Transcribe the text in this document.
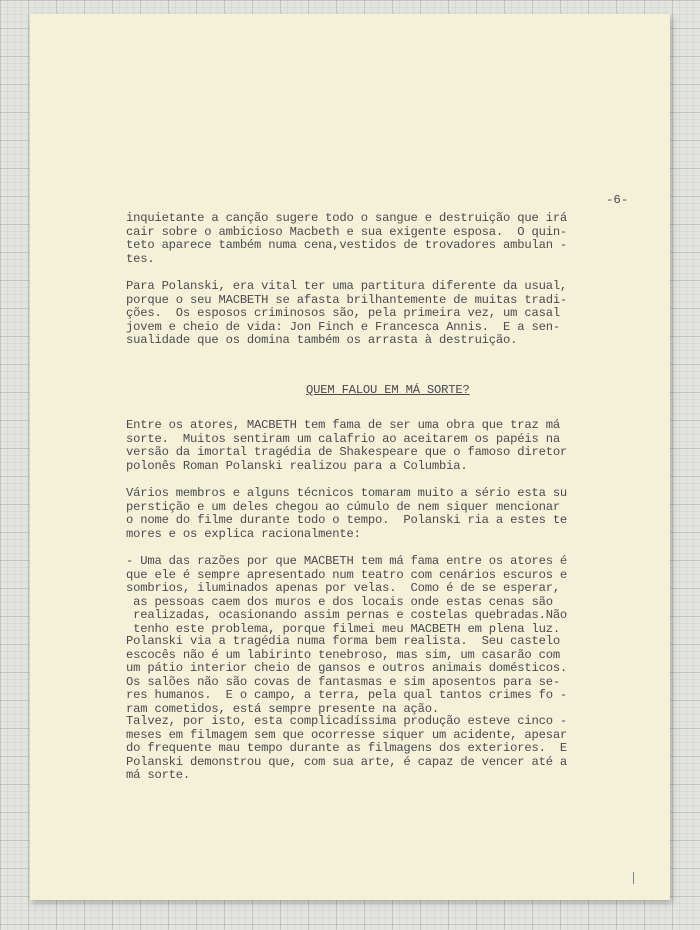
-6-
inquietante a canção sugere todo o sangue e destruição que irá
cair sobre o ambicioso Macbeth e sua exigente esposa.  O quin-
teto aparece também numa cena,vestidos de trovadores ambulan -
tes.
Para Polanski, era vital ter uma partitura diferente da usual,
porque o seu MACBETH se afasta brilhantemente de muitas tradi-
ções.  Os esposos criminosos são, pela primeira vez, um casal
jovem e cheio de vida: Jon Finch e Francesca Annis.  E a sen-
sualidade que os domina também os arrasta à destruição.
QUEM FALOU EM MÁ SORTE?
Entre os atores, MACBETH tem fama de ser uma obra que traz má
sorte.  Muitos sentiram um calafrio ao aceitarem os papéis na
versão da imortal tragédia de Shakespeare que o famoso diretor
polonês Roman Polanski realizou para a Columbia.
Vários membros e alguns técnicos tomaram muito a sério esta su
perstição e um deles chegou ao cúmulo de nem siquer mencionar
o nome do filme durante todo o tempo.  Polanski ria a estes te
mores e os explica racionalmente:
- Uma das razões por que MACBETH tem má fama entre os atores é
que ele é sempre apresentado num teatro com cenários escuros e
sombrios, iluminados apenas por velas.  Como é de se esperar,
as pessoas caem dos muros e dos locais onde estas cenas são
realizadas, ocasionando assim pernas e costelas quebradas.Não
tenho este problema, porque filmei meu MACBETH em plena luz.
Polanski via a tragédia numa forma bem realista.  Seu castelo
escocês não é um labirinto tenebroso, mas sim, um casarão com
um pátio interior cheio de gansos e outros animais domésticos.
Os salões não são covas de fantasmas e sim aposentos para se-
res humanos.  E o campo, a terra, pela qual tantos crimes fo -
ram cometidos, está sempre presente na ação.
Talvez, por isto, esta complicadíssima produção esteve cinco -
meses em filmagem sem que ocorresse siquer um acidente, apesar
do frequente mau tempo durante as filmagens dos exteriores.  E
Polanski demonstrou que, com sua arte, é capaz de vencer até a
má sorte.
